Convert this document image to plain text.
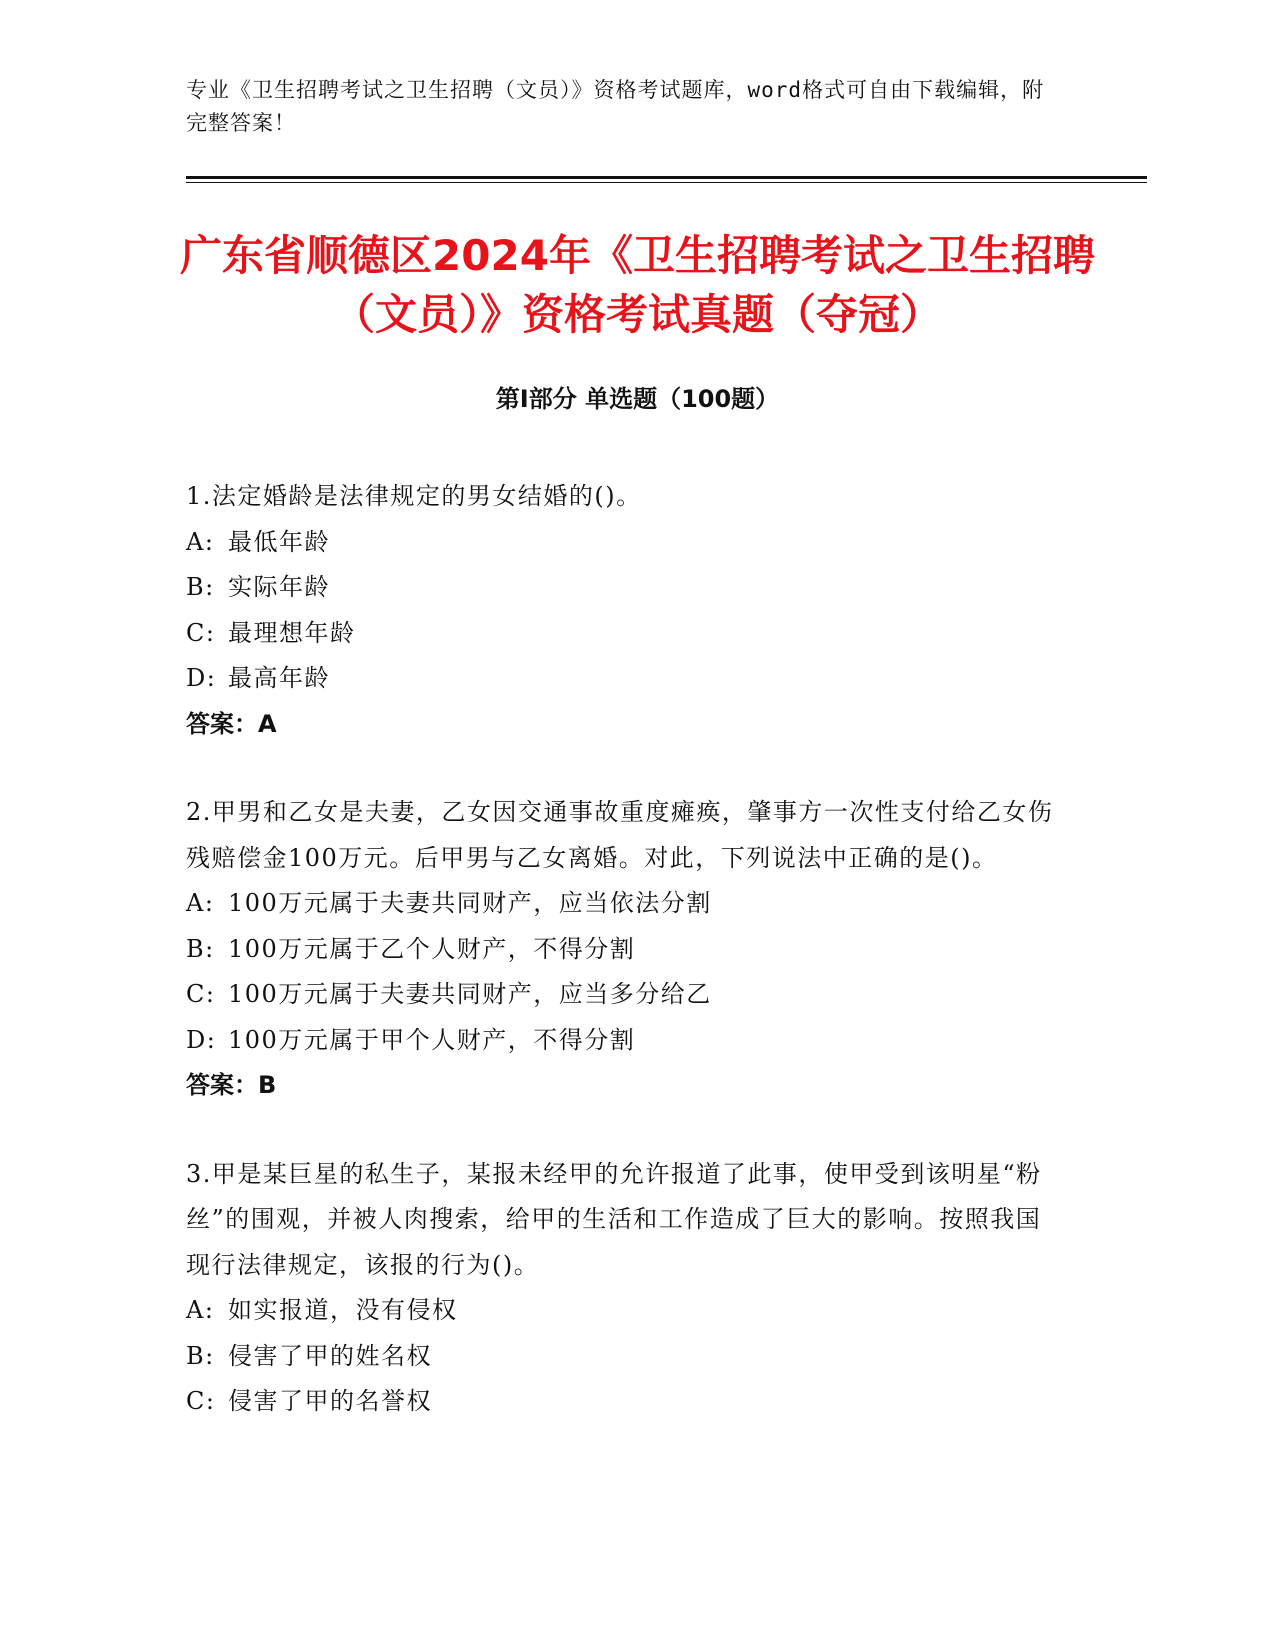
专业《卫生招聘考试之卫生招聘（文员）》资格考试题库，word格式可自由下载编辑，附完整答案！
广东省顺德区2024年《卫生招聘考试之卫生招聘（文员）》资格考试真题（夺冠）
第I部分 单选题（100题）
1.法定婚龄是法律规定的男女结婚的()。
A: 最低年龄
B: 实际年龄
C: 最理想年龄
D: 最高年龄
答案：A
2.甲男和乙女是夫妻，乙女因交通事故重度瘫痪，肇事方一次性支付给乙女伤残赔偿金100万元。后甲男与乙女离婚。对此，下列说法中正确的是()。
A: 100万元属于夫妻共同财产，应当依法分割
B: 100万元属于乙个人财产，不得分割
C: 100万元属于夫妻共同财产，应当多分给乙
D: 100万元属于甲个人财产，不得分割
答案：B
3.甲是某巨星的私生子，某报未经甲的允许报道了此事，使甲受到该明星“粉丝”的围观，并被人肉搜索，给甲的生活和工作造成了巨大的影响。按照我国现行法律规定，该报的行为()。
A: 如实报道，没有侵权
B: 侵害了甲的姓名权
C: 侵害了甲的名誉权
